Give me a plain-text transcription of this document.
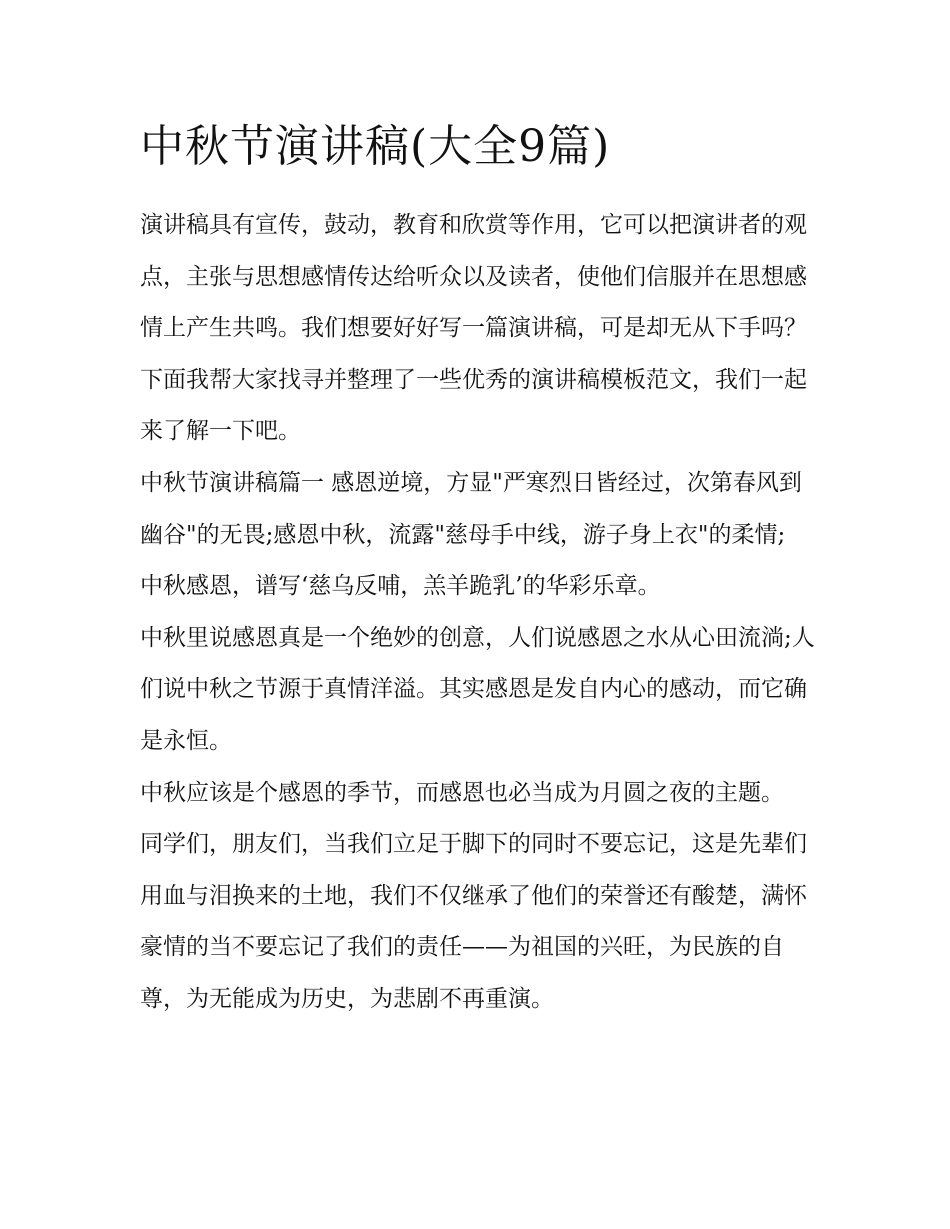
中秋节演讲稿(大全9篇)

演讲稿具有宣传，鼓动，教育和欣赏等作用，它可以把演讲者的观点，主张与思想感情传达给听众以及读者，使他们信服并在思想感情上产生共鸣。我们想要好好写一篇演讲稿，可是却无从下手吗？下面我帮大家找寻并整理了一些优秀的演讲稿模板范文，我们一起来了解一下吧。

中秋节演讲稿篇一 感恩逆境，方显"严寒烈日皆经过，次第春风到幽谷"的无畏;感恩中秋，流露"慈母手中线，游子身上衣"的柔情;

中秋感恩，谱写‘慈乌反哺，羔羊跪乳’的华彩乐章。

中秋里说感恩真是一个绝妙的创意，人们说感恩之水从心田流淌;人们说中秋之节源于真情洋溢。其实感恩是发自内心的感动，而它确是永恒。

中秋应该是个感恩的季节，而感恩也必当成为月圆之夜的主题。

同学们，朋友们，当我们立足于脚下的同时不要忘记，这是先辈们用血与泪换来的土地，我们不仅继承了他们的荣誉还有酸楚，满怀豪情的当不要忘记了我们的责任——为祖国的兴旺，为民族的自尊，为无能成为历史，为悲剧不再重演。
